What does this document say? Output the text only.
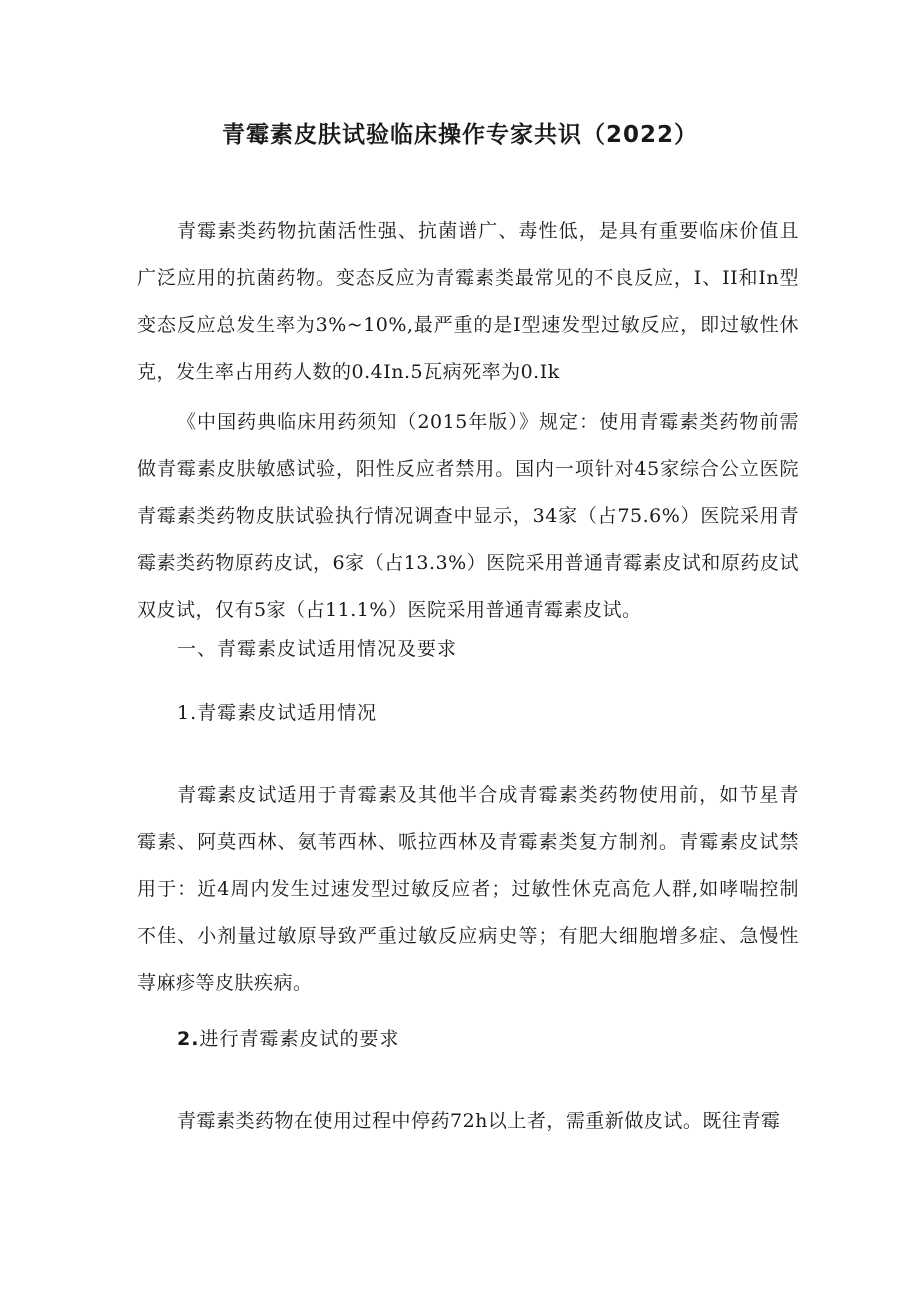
青霉素皮肤试验临床操作专家共识（2022）

青霉素类药物抗菌活性强、抗菌谱广、毒性低，是具有重要临床价值且广泛应用的抗菌药物。变态反应为青霉素类最常见的不良反应，I、II和In型变态反应总发生率为3%~10%,最严重的是I型速发型过敏反应，即过敏性休克，发生率占用药人数的0.4In.5瓦病死率为0.Ik

《中国药典临床用药须知（2015年版）》规定：使用青霉素类药物前需做青霉素皮肤敏感试验，阳性反应者禁用。国内一项针对45家综合公立医院青霉素类药物皮肤试验执行情况调查中显示，34家（占75.6%）医院采用青霉素类药物原药皮试，6家（占13.3%）医院采用普通青霉素皮试和原药皮试双皮试，仅有5家（占11.1%）医院采用普通青霉素皮试。

一、青霉素皮试适用情况及要求

1.青霉素皮试适用情况

青霉素皮试适用于青霉素及其他半合成青霉素类药物使用前，如节星青霉素、阿莫西林、氨苇西林、哌拉西林及青霉素类复方制剂。青霉素皮试禁用于：近4周内发生过速发型过敏反应者；过敏性休克高危人群,如哮喘控制不佳、小剂量过敏原导致严重过敏反应病史等；有肥大细胞增多症、急慢性荨麻疹等皮肤疾病。

2.进行青霉素皮试的要求

青霉素类药物在使用过程中停药72h以上者，需重新做皮试。既往青霉
